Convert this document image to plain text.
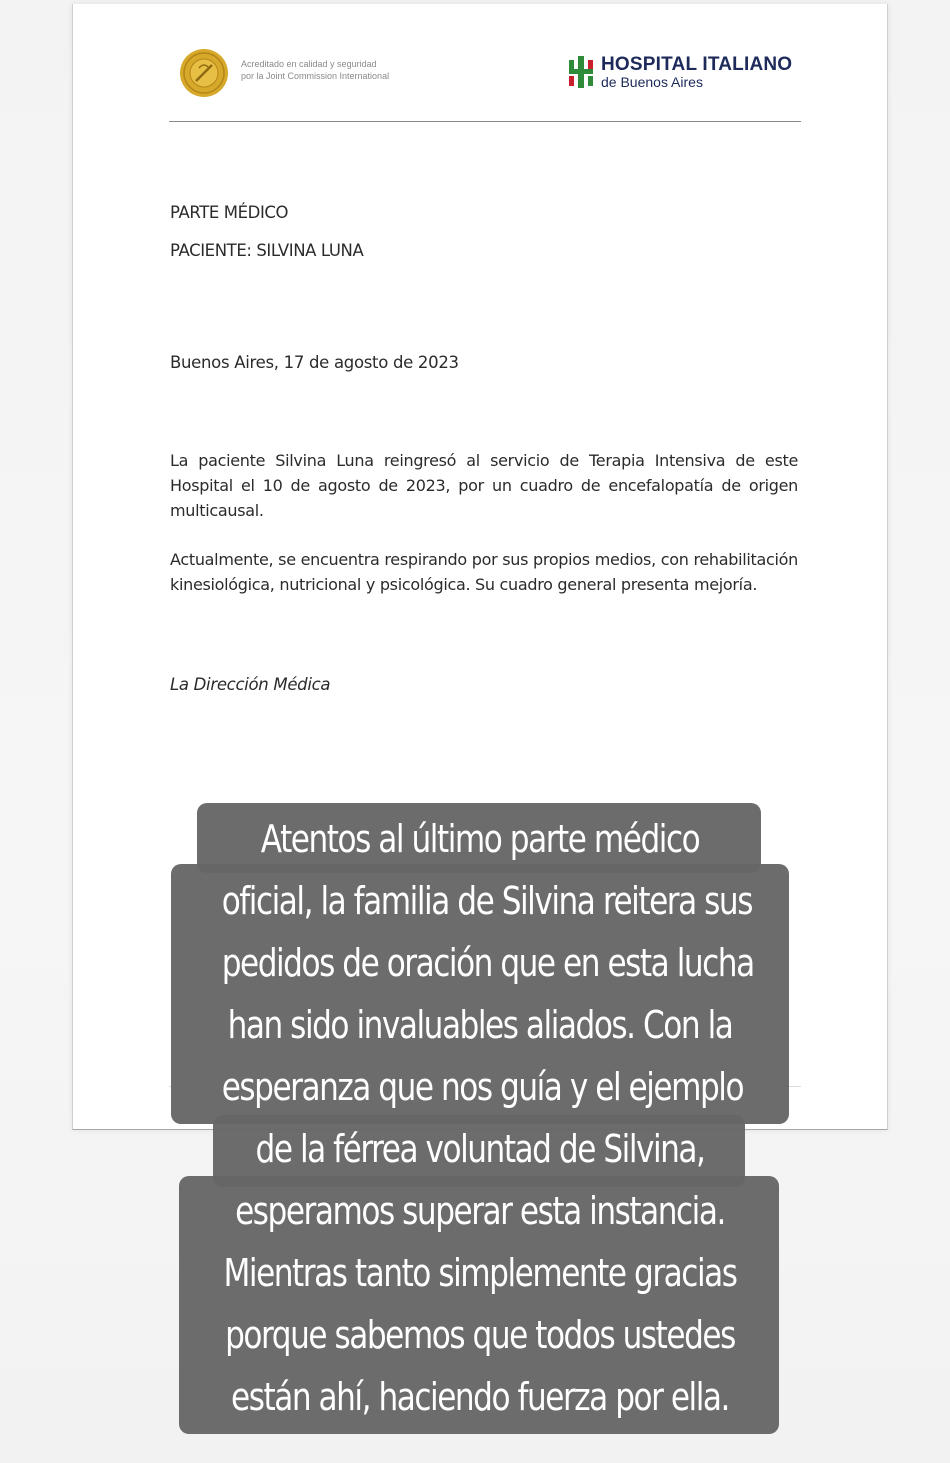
Acreditado en calidad y seguridad
por la Joint Commission International
HOSPITAL ITALIANO
de Buenos Aires
PARTE MÉDICO
PACIENTE: SILVINA LUNA
Buenos Aires, 17 de agosto de 2023
La paciente Silvina Luna reingresó al servicio de Terapia Intensiva de este Hospital el 10 de agosto de 2023, por un cuadro de encefalopatía de origen multicausal.
Actualmente, se encuentra respirando por sus propios medios, con rehabilitación kinesiológica, nutricional y psicológica. Su cuadro general presenta mejoría.
La Dirección Médica
Atentos al último parte médico
oficial, la familia de Silvina reitera sus
pedidos de oración que en esta lucha
han sido invaluables aliados. Con la
esperanza que nos guía y el ejemplo
de la férrea voluntad de Silvina,
esperamos superar esta instancia.
Mientras tanto simplemente gracias
porque sabemos que todos ustedes
están ahí, haciendo fuerza por ella.
